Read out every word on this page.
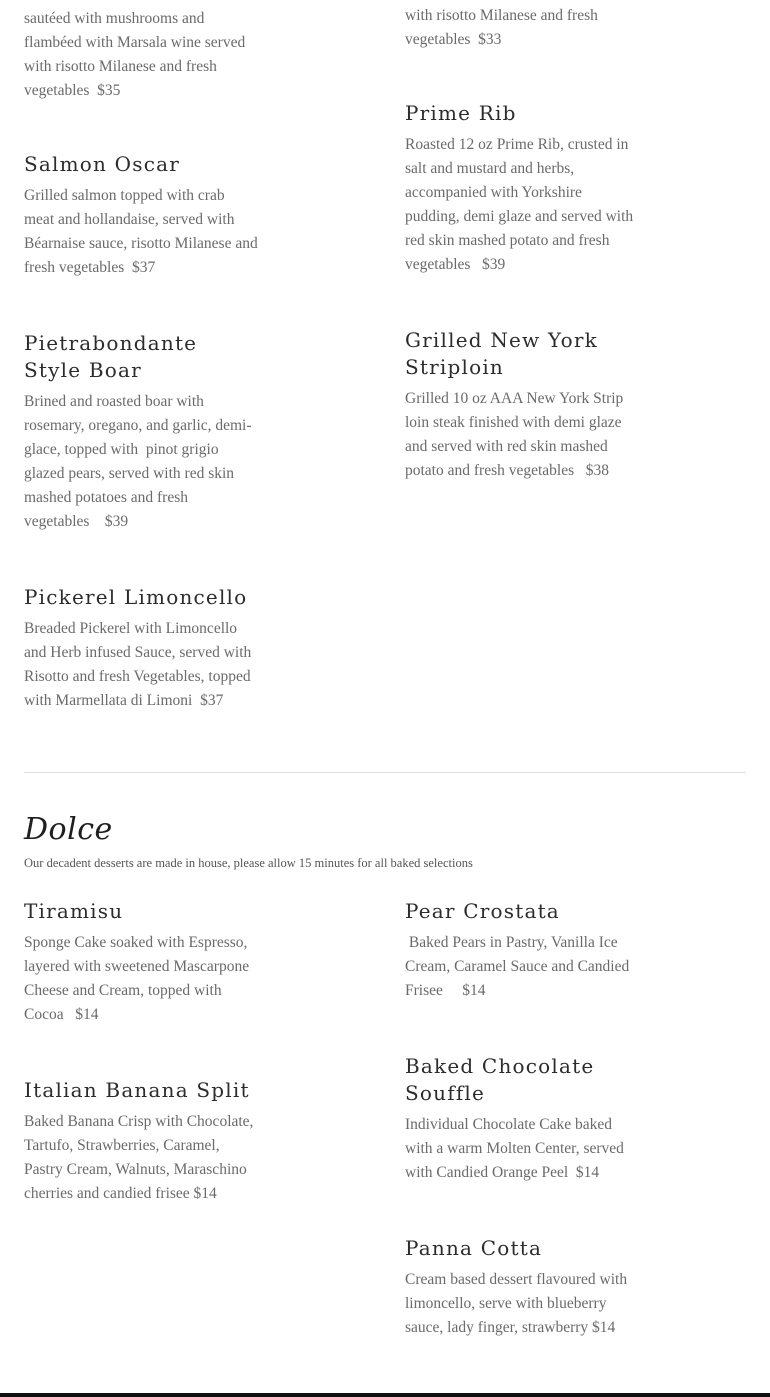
sautéed with mushrooms and
flambéed with Marsala wine served
with risotto Milanese and fresh
vegetables  $35

with risotto Milanese and fresh
vegetables  $33

Prime Rib

Roasted 12 oz Prime Rib, crusted in
salt and mustard and herbs,
accompanied with Yorkshire
pudding, demi glaze and served with
red skin mashed potato and fresh
vegetables   $39

Salmon Oscar

Grilled salmon topped with crab
meat and hollandaise, served with
Béarnaise sauce, risotto Milanese and
fresh vegetables  $37

Grilled New York Striploin

Grilled 10 oz AAA New York Strip
loin steak finished with demi glaze
and served with red skin mashed
potato and fresh vegetables   $38

Pietrabondante Style Boar

Brined and roasted boar with
rosemary, oregano, and garlic, demi-
glace, topped with  pinot grigio
glazed pears, served with red skin
mashed potatoes and fresh
vegetables    $39

Pickerel Limoncello

Breaded Pickerel with Limoncello
and Herb infused Sauce, served with
Risotto and fresh Vegetables, topped
with Marmellata di Limoni  $37

Dolce

Our decadent desserts are made in house, please allow 15 minutes for all baked selections

Tiramisu

Sponge Cake soaked with Espresso,
layered with sweetened Mascarpone
Cheese and Cream, topped with
Cocoa   $14

Pear Crostata

Baked Pears in Pastry, Vanilla Ice
Cream, Caramel Sauce and Candied
Frisee     $14

Italian Banana Split

Baked Banana Crisp with Chocolate,
Tartufo, Strawberries, Caramel,
Pastry Cream, Walnuts, Maraschino
cherries and candied frisee $14

Baked Chocolate Souffle

Individual Chocolate Cake baked
with a warm Molten Center, served
with Candied Orange Peel  $14

Panna Cotta

Cream based dessert flavoured with
limoncello, serve with blueberry
sauce, lady finger, strawberry $14
